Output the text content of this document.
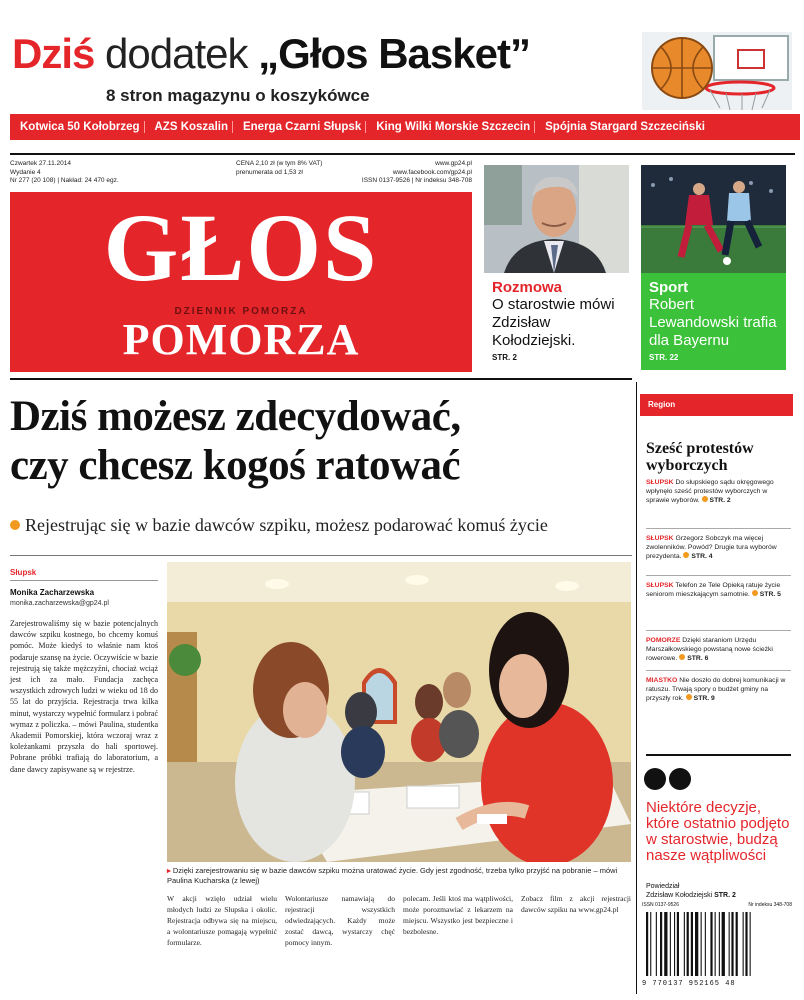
Dziś dodatek „Głos Basket”
8 stron magazynu o koszykówce
Kotwica 50 Kołobrzeg	AZS Koszalin	Energa Czarni Słupsk	King Wilki Morskie Szczecin	Spójnia Stargard Szczeciński
Czwartek 27.11.2014
Wydanie 4
Nr 277 (20 108) | Nakład: 24 470 egz.
CENA 2,10 zł (w tym 8% VAT)
prenumerata od 1,53 zł
www.gp24.pl
www.facebook.com/gp24.pl
ISSN 0137-9526 | Nr indeksu 348-708
GŁOS
DZIENNIK POMORZA
POMORZA
Rozmowa
O starostwie mówi Zdzisław Kołodziejski.
STR. 2
Sport
Robert Lewandowski trafia dla Bayernu
STR. 22
Dziś możesz zdecydować,
czy chcesz kogoś ratować
Rejestrując się w bazie dawców szpiku, możesz podarować komuś życie
Słupsk
Monika Zacharzewska
monika.zacharzewska@gp24.pl
Zarejestrowaliśmy się w bazie potencjalnych dawców szpiku kostnego, bo chcemy komuś pomóc. Może kiedyś to właśnie nam ktoś podaruje szansę na życie. Oczywiście w bazie rejestrują się także mężczyźni, chociaż wciąż jest ich za mało. Fundacja zachęca wszystkich zdrowych ludzi w wieku od 18 do 55 lat do przyjścia. Rejestracja trwa kilka minut, wystarczy wypełnić formularz i pobrać wymaz z policzka. – mówi Paulina, studentka Akademii Pomorskiej, która wczoraj wraz z koleżankami przyszła do hali sportowej. Pobrane próbki trafiają do laboratorium, a dane dawcy zapisywane są w rejestrze.
▸ Dzięki zarejestrowaniu się w bazie dawców szpiku można uratować życie. Gdy jest zgodność, trzeba tylko przyjść na pobranie – mówi Paulina Kucharska (z lewej)
W akcji wzięło udział wielu młodych ludzi ze Słupska i okolic. Rejestracja odbywa się na miejscu, a wolontariusze pomagają wypełnić formularze.
Wolontariusze namawiają do rejestracji wszystkich odwiedzających. Każdy może zostać dawcą, wystarczy chęć pomocy innym.
polecam. Jeśli ktoś ma wątpliwości, może porozmawiać z lekarzem na miejscu. Wszystko jest bezpieczne i bezbolesne.
Zobacz film z akcji rejestracji dawców szpiku na www.gp24.pl
Region
Sześć protestów wyborczych
SŁUPSK Do słupskiego sądu okręgowego wpłynęło sześć protestów wyborczych w sprawie wyborów. STR. 2
SŁUPSK Grzegorz Sobczyk ma więcej zwolenników. Powód? Drugie tura wyborów prezydenta. STR. 4
SŁUPSK Telefon ze Tele Opieką ratuje życie seniorom mieszkającym samotnie. STR. 5
POMORZE Dzięki staraniom Urzędu Marszałkowskiego powstaną nowe ścieżki rowerowe. STR. 6
MIASTKO Nie doszło do dobrej komunikacji w ratuszu. Trwają spory o budżet gminy na przyszły rok. STR. 9
Niektóre decyzje, które ostatnio podjęto w starostwie, budzą nasze wątpliwości
Powiedział
Zdzisław Kołodziejski STR. 2
ISSN 0137-9526	Nr indeksu 348-708
9 770137 952165 48
